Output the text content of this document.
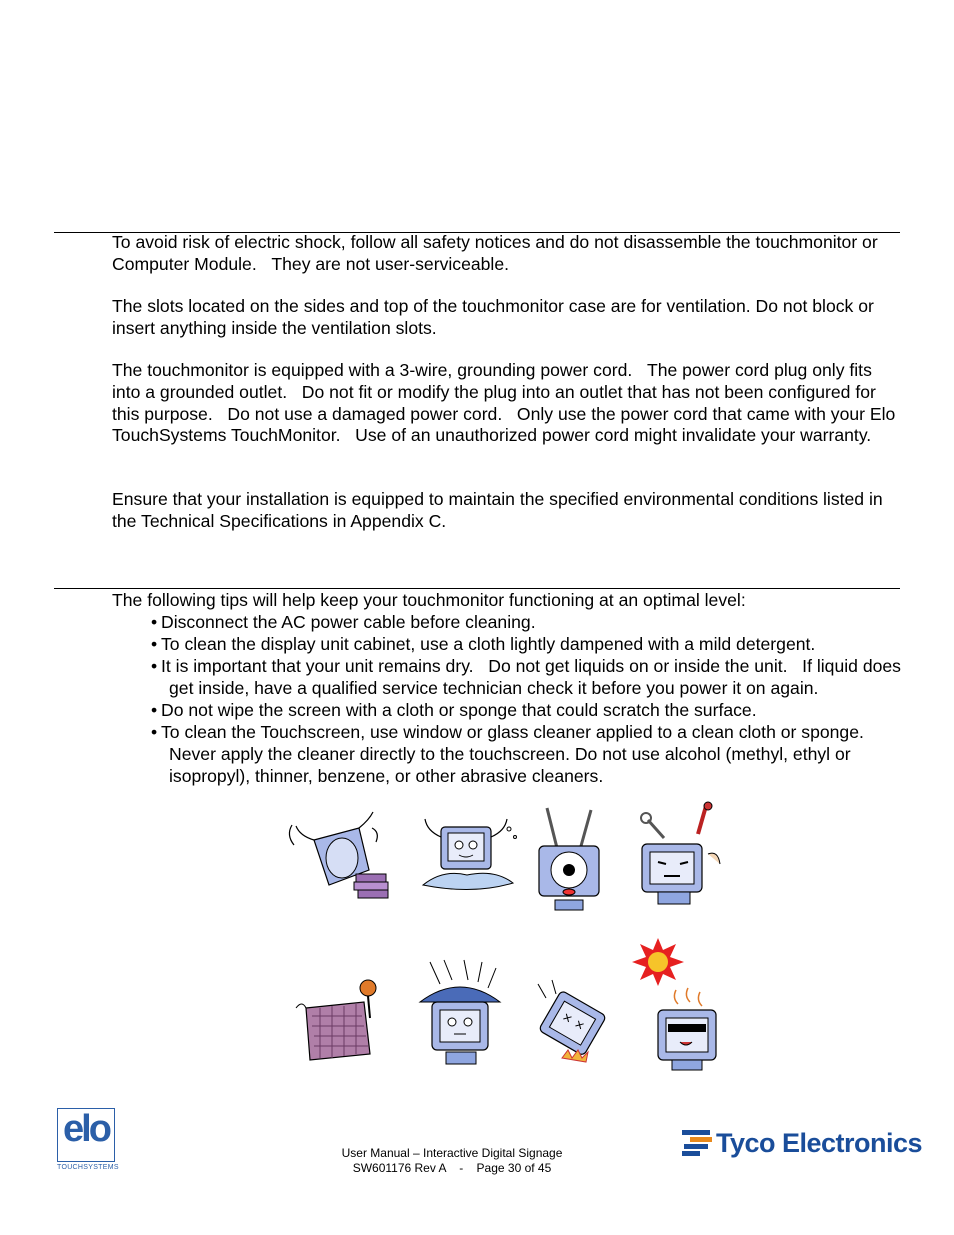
To avoid risk of electric shock, follow all safety notices and do not disassemble the touchmonitor or Computer Module.   They are not user-serviceable.

The slots located on the sides and top of the touchmonitor case are for ventilation. Do not block or insert anything inside the ventilation slots.

The touchmonitor is equipped with a 3-wire, grounding power cord.   The power cord plug only fits into a grounded outlet.   Do not fit or modify the plug into an outlet that has not been configured for this purpose.   Do not use a damaged power cord.   Only use the power cord that came with your Elo TouchSystems TouchMonitor.   Use of an unauthorized power cord might invalidate your warranty.

Ensure that your installation is equipped to maintain the specified environmental conditions listed in the Technical Specifications in Appendix C.

The following tips will help keep your touchmonitor functioning at an optimal level:
• Disconnect the AC power cable before cleaning.
• To clean the display unit cabinet, use a cloth lightly dampened with a mild detergent.
• It is important that your unit remains dry.   Do not get liquids on or inside the unit.   If liquid does get inside, have a qualified service technician check it before you power it on again.
• Do not wipe the screen with a cloth or sponge that could scratch the surface.
• To clean the Touchscreen, use window or glass cleaner applied to a clean cloth or sponge. Never apply the cleaner directly to the touchscreen. Do not use alcohol (methyl, ethyl or isopropyl), thinner, benzene, or other abrasive cleaners.
elo
TOUCHSYSTEMS
User Manual – Interactive Digital Signage
SW601176 Rev A    -    Page 30 of 45
Tyco Electronics
